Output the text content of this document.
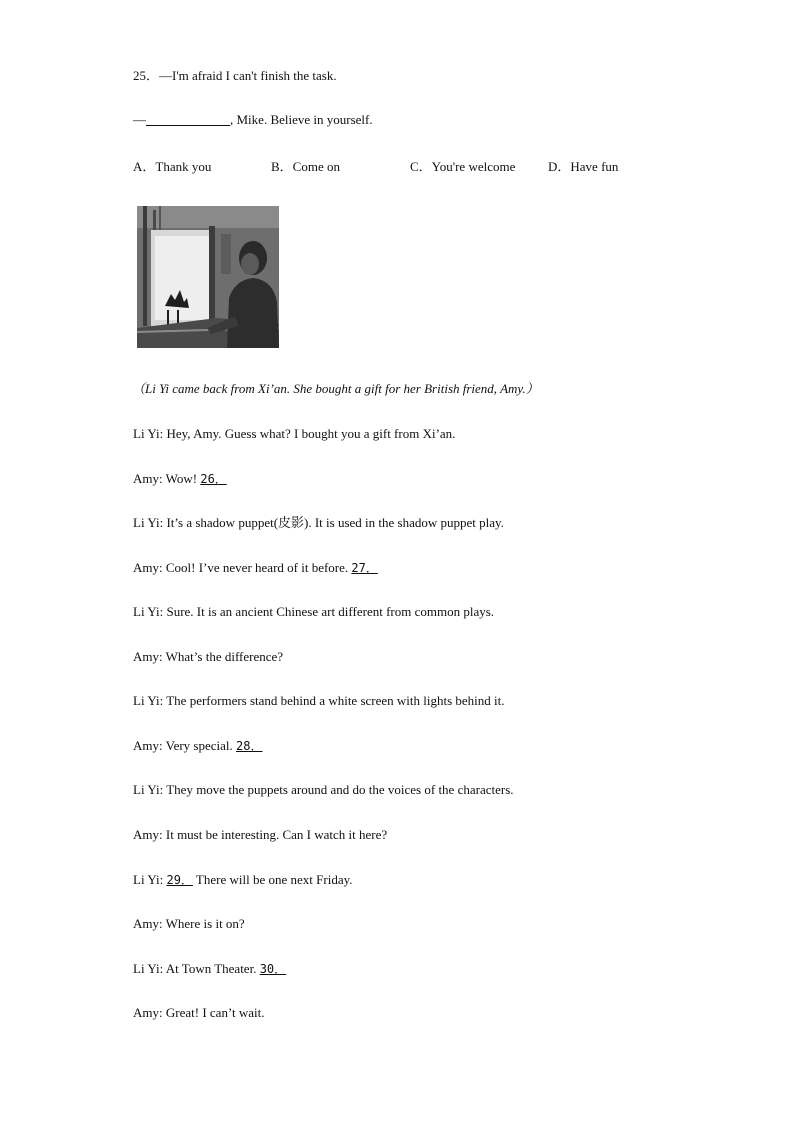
25．—I'm afraid I can't finish the task.
—	, Mike. Believe in yourself.
A．Thank you	B．Come on	C．You're welcome	D．Have fun
（Li Yi came back from Xi’an. She bought a gift for her British friend, Amy.）
Li Yi: Hey, Amy. Guess what? I bought you a gift from Xi’an.
Amy: Wow! 26．
Li Yi: It’s a shadow puppet(皮影). It is used in the shadow puppet play.
Amy: Cool! I’ve never heard of it before. 27．
Li Yi: Sure. It is an ancient Chinese art different from common plays.
Amy: What’s the difference?
Li Yi: The performers stand behind a white screen with lights behind it.
Amy: Very special. 28．
Li Yi: They move the puppets around and do the voices of the characters.
Amy: It must be interesting. Can I watch it here?
Li Yi: 29． There will be one next Friday.
Amy: Where is it on?
Li Yi: At Town Theater. 30．
Amy: Great! I can’t wait.
